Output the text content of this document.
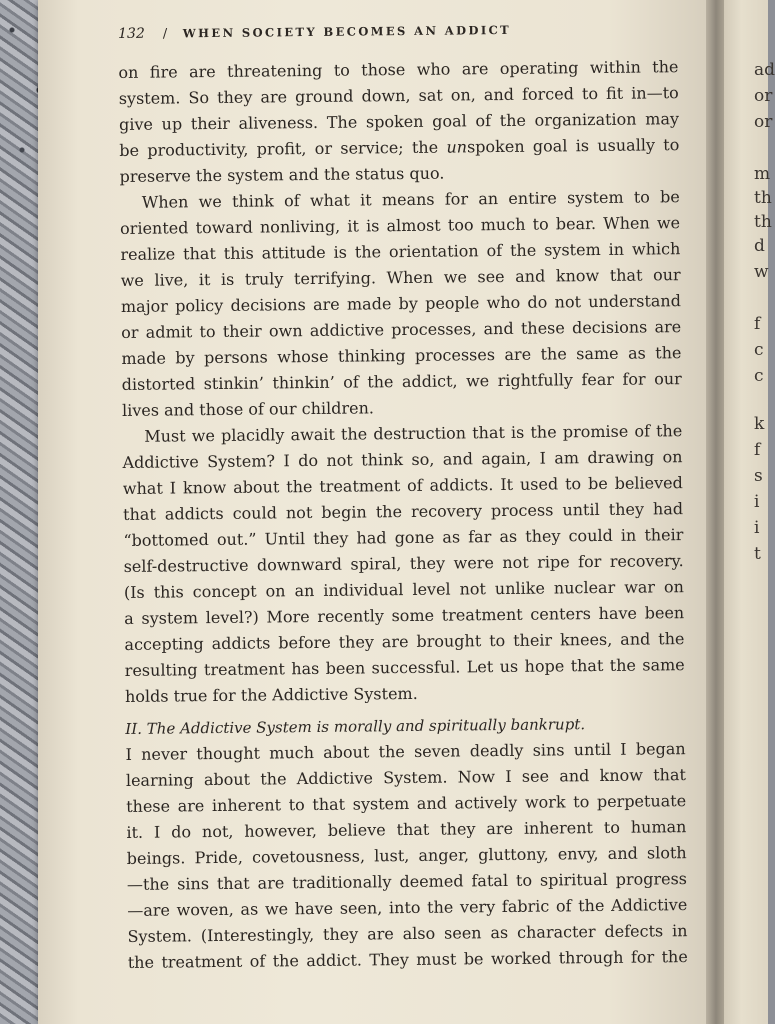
ad
or
or
m
th
th
d
w
f
c
c
k
f
s
i
i
t
132 / WHEN SOCIETY BECOMES AN ADDICT
on fire are threatening to those who are operating within the
system. So they are ground down, sat on, and forced to fit in—to
give up their aliveness. The spoken goal of the organization may
be productivity, profit, or service; the unspoken goal is usually to
preserve the system and the status quo.
When we think of what it means for an entire system to be
oriented toward nonliving, it is almost too much to bear. When we
realize that this attitude is the orientation of the system in which
we live, it is truly terrifying. When we see and know that our
major policy decisions are made by people who do not understand
or admit to their own addictive processes, and these decisions are
made by persons whose thinking processes are the same as the
distorted stinkin’ thinkin’ of the addict, we rightfully fear for our
lives and those of our children.
Must we placidly await the destruction that is the promise of the
Addictive System? I do not think so, and again, I am drawing on
what I know about the treatment of addicts. It used to be believed
that addicts could not begin the recovery process until they had
“bottomed out.” Until they had gone as far as they could in their
self-destructive downward spiral, they were not ripe for recovery.
(Is this concept on an individual level not unlike nuclear war on
a system level?) More recently some treatment centers have been
accepting addicts before they are brought to their knees, and the
resulting treatment has been successful. Let us hope that the same
holds true for the Addictive System.
II. The Addictive System is morally and spiritually bankrupt.
I never thought much about the seven deadly sins until I began
learning about the Addictive System. Now I see and know that
these are inherent to that system and actively work to perpetuate
it. I do not, however, believe that they are inherent to human
beings. Pride, covetousness, lust, anger, gluttony, envy, and sloth
—the sins that are traditionally deemed fatal to spiritual progress
—are woven, as we have seen, into the very fabric of the Addictive
System. (Interestingly, they are also seen as character defects in
the treatment of the addict. They must be worked through for the
